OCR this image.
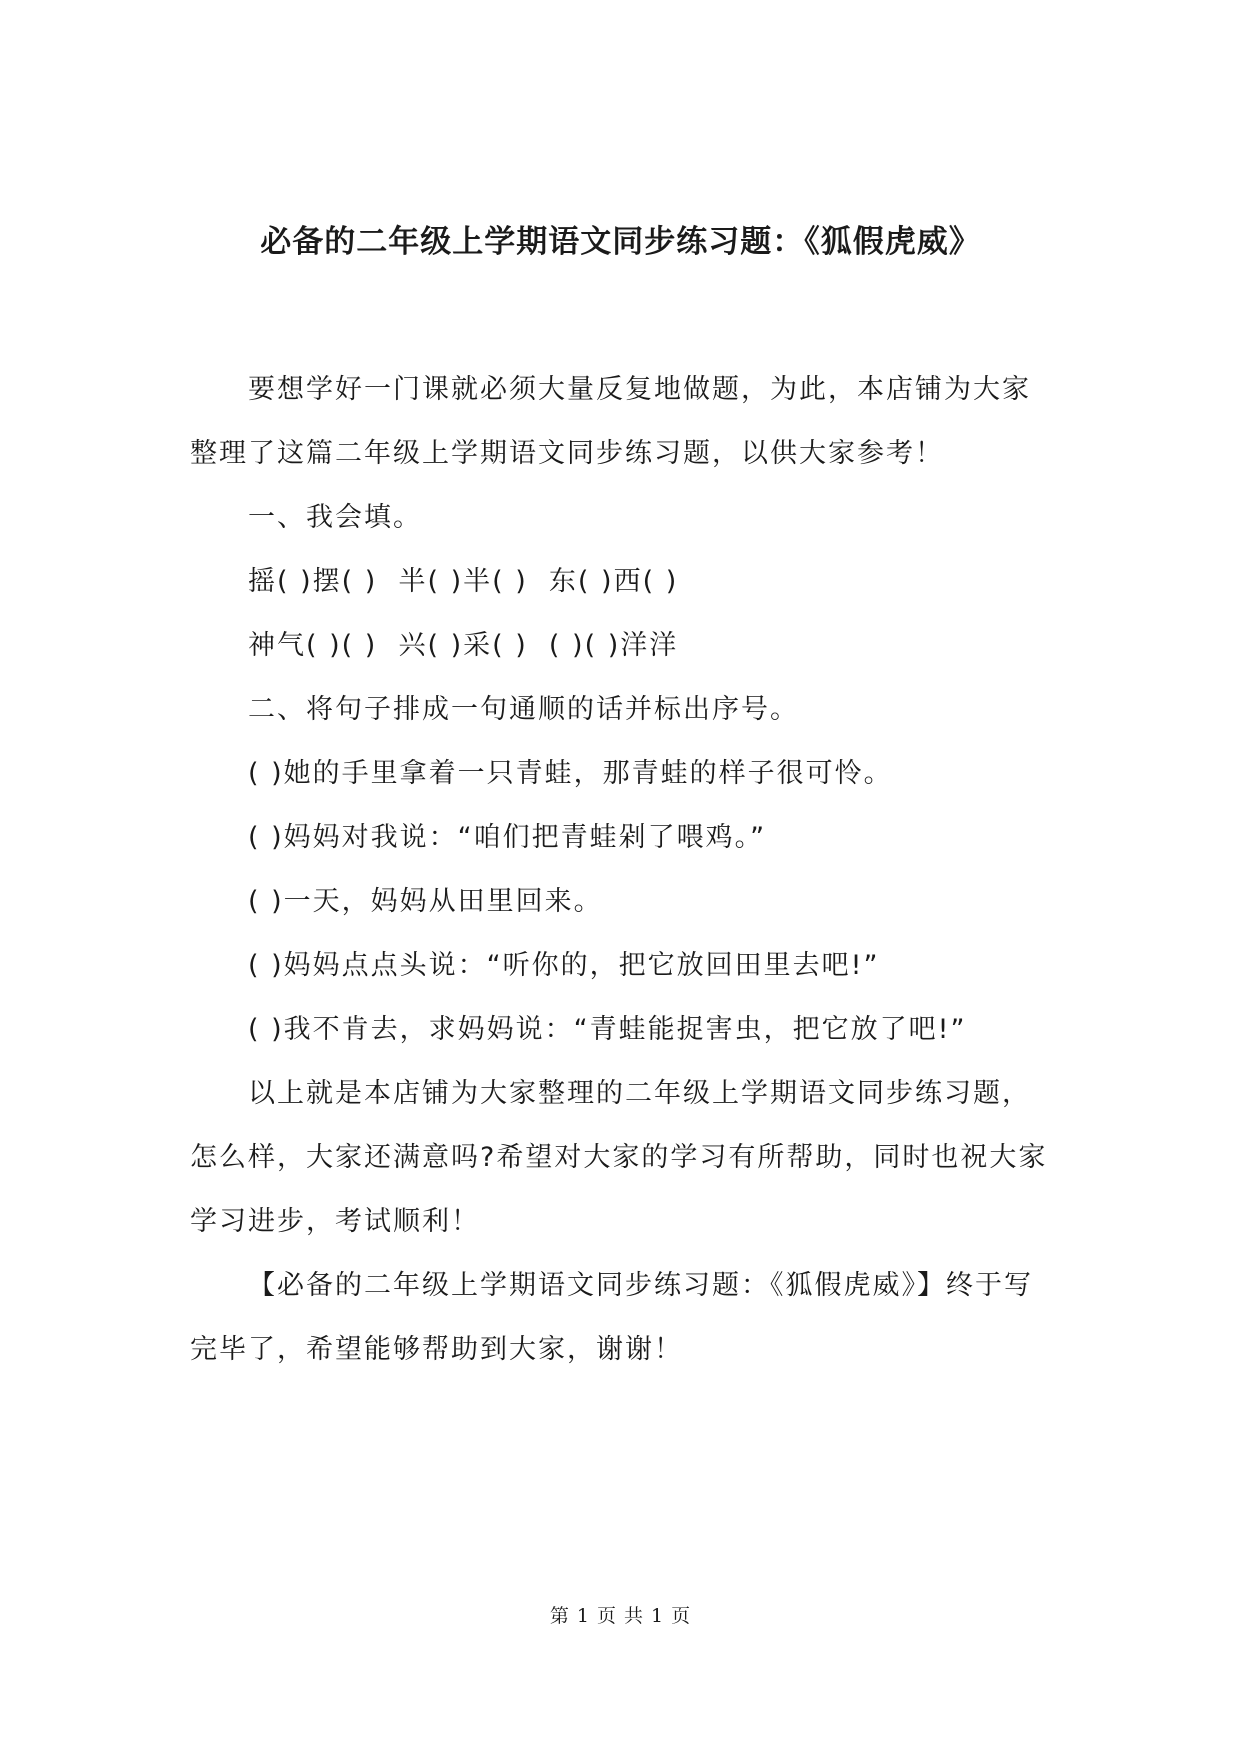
必备的二年级上学期语文同步练习题：《狐假虎威》

要想学好一门课就必须大量反复地做题，为此，本店铺为大家整理了这篇二年级上学期语文同步练习题，以供大家参考！

一、我会填。

摇( )摆( )  半( )半( )  东( )西( )

神气( )( )  兴( )采( )  ( )( )洋洋

二、将句子排成一句通顺的话并标出序号。

( )她的手里拿着一只青蛙，那青蛙的样子很可怜。

( )妈妈对我说：“咱们把青蛙剁了喂鸡。”

( )一天，妈妈从田里回来。

( )妈妈点点头说：“听你的，把它放回田里去吧!”

( )我不肯去，求妈妈说：“青蛙能捉害虫，把它放了吧!”

以上就是本店铺为大家整理的二年级上学期语文同步练习题，怎么样，大家还满意吗?希望对大家的学习有所帮助，同时也祝大家学习进步，考试顺利！

【必备的二年级上学期语文同步练习题：《狐假虎威》】终于写完毕了，希望能够帮助到大家，谢谢！

第 1 页 共 1 页
